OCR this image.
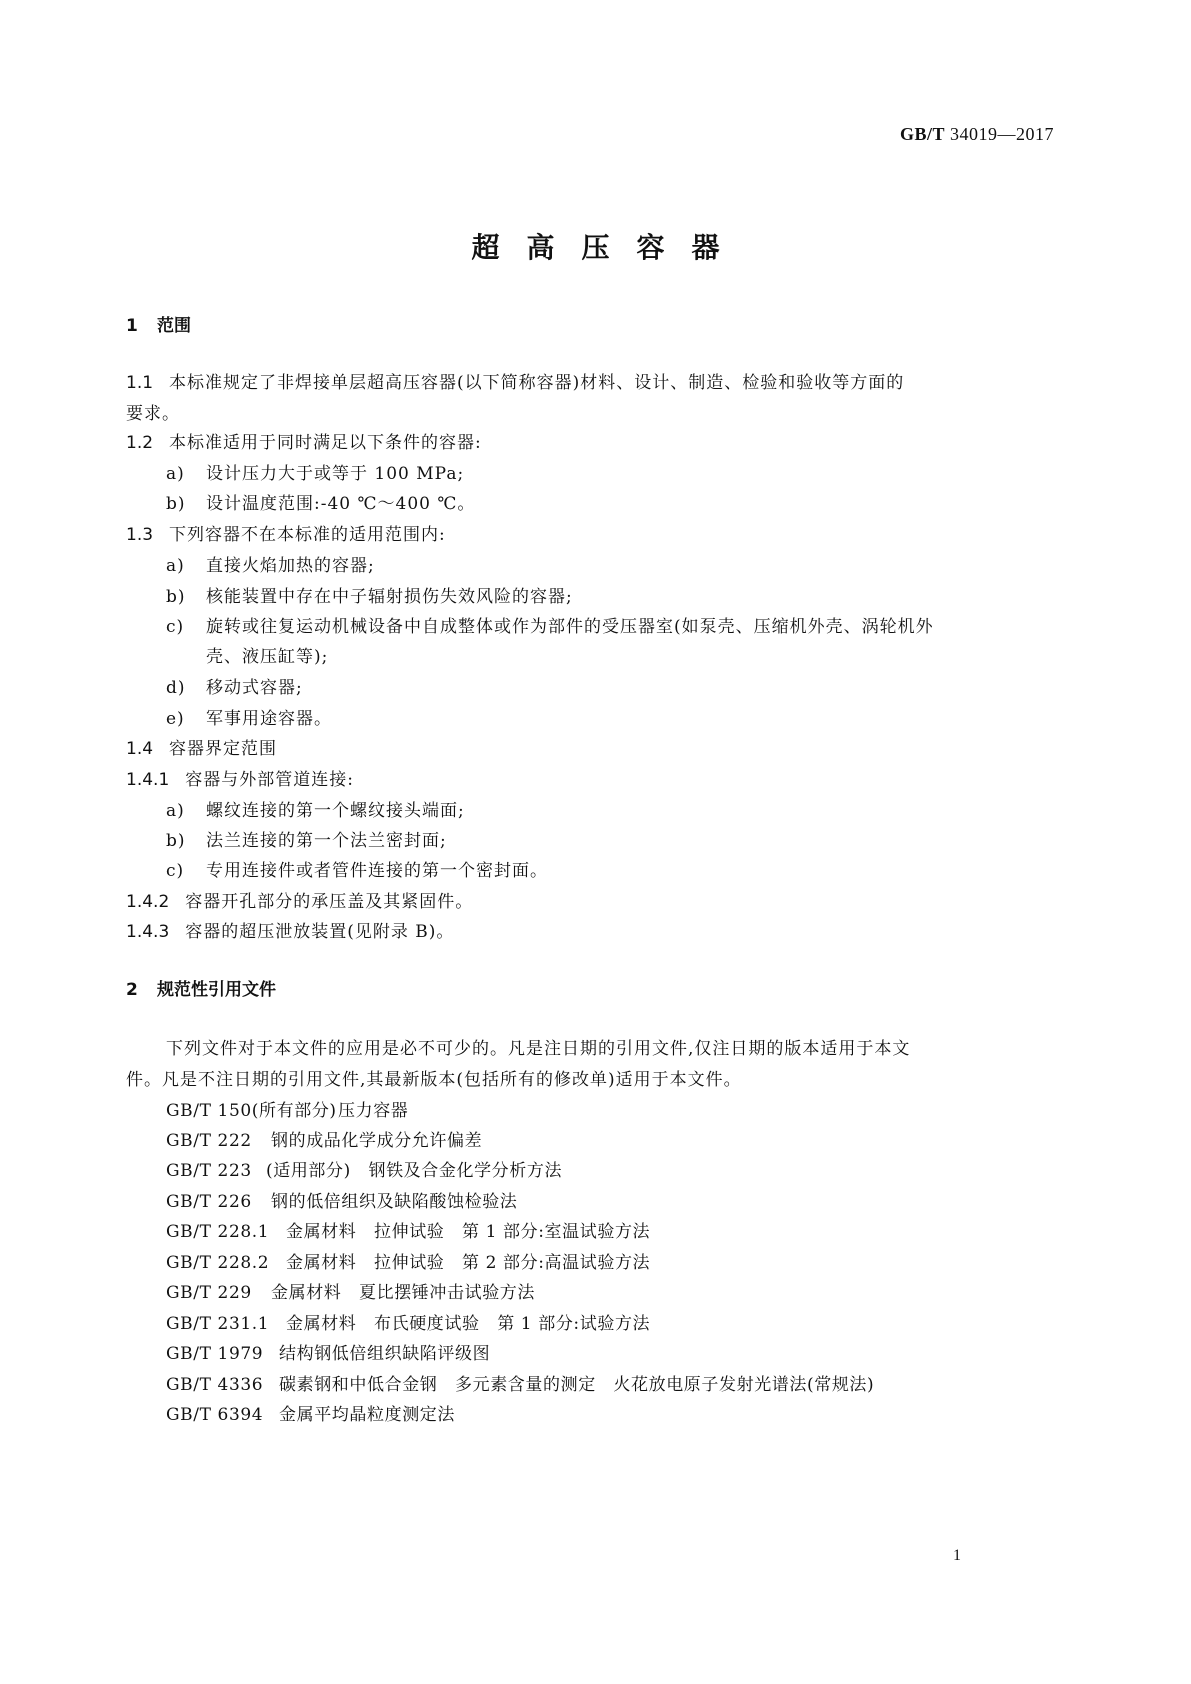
GB/T 34019—2017
超高压容器
1 范围
1.1 本标准规定了非焊接单层超高压容器(以下简称容器)材料、设计、制造、检验和验收等方面的
要求。
1.2 本标准适用于同时满足以下条件的容器:
a) 设计压力大于或等于 100 MPa;
b) 设计温度范围:-40 ℃～400 ℃。
1.3 下列容器不在本标准的适用范围内:
a) 直接火焰加热的容器;
b) 核能装置中存在中子辐射损伤失效风险的容器;
c) 旋转或往复运动机械设备中自成整体或作为部件的受压器室(如泵壳、压缩机外壳、涡轮机外
壳、液压缸等);
d) 移动式容器;
e) 军事用途容器。
1.4 容器界定范围
1.4.1 容器与外部管道连接:
a) 螺纹连接的第一个螺纹接头端面;
b) 法兰连接的第一个法兰密封面;
c) 专用连接件或者管件连接的第一个密封面。
1.4.2 容器开孔部分的承压盖及其紧固件。
1.4.3 容器的超压泄放装置(见附录 B)。
2 规范性引用文件
下列文件对于本文件的应用是必不可少的。凡是注日期的引用文件,仅注日期的版本适用于本文
件。凡是不注日期的引用文件,其最新版本(包括所有的修改单)适用于本文件。
GB/T 150(所有部分)压力容器
GB/T 222 钢的成品化学成分允许偏差
GB/T 223 (适用部分)　钢铁及合金化学分析方法
GB/T 226 钢的低倍组织及缺陷酸蚀检验法
GB/T 228.1 金属材料　拉伸试验　第 1 部分:室温试验方法
GB/T 228.2 金属材料　拉伸试验　第 2 部分:高温试验方法
GB/T 229 金属材料　夏比摆锤冲击试验方法
GB/T 231.1 金属材料　布氏硬度试验　第 1 部分:试验方法
GB/T 1979 结构钢低倍组织缺陷评级图
GB/T 4336 碳素钢和中低合金钢　多元素含量的测定　火花放电原子发射光谱法(常规法)
GB/T 6394 金属平均晶粒度测定法
1
